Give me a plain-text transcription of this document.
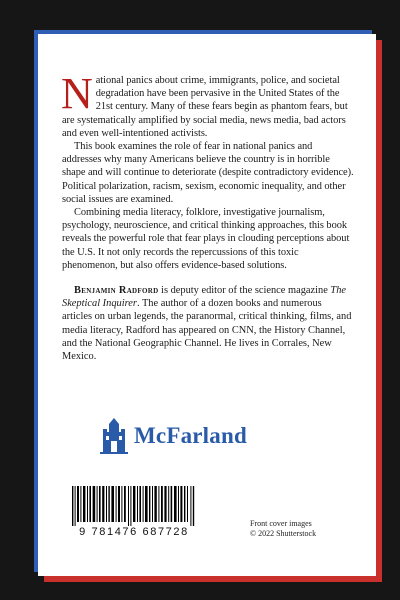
National panics about crime, immigrants, police, and societal degradation have been pervasive in the United States of the 21st century. Many of these fears begin as phantom fears, but are systematically amplified by social media, news media, bad actors and even well-intentioned activists.

This book examines the role of fear in national panics and addresses why many Americans believe the country is in horrible shape and will continue to deteriorate (despite contradictory evidence). Political polarization, racism, sexism, economic inequality, and other social issues are examined.

Combining media literacy, folklore, investigative journalism, psychology, neuroscience, and critical thinking approaches, this book reveals the powerful role that fear plays in clouding perceptions about the U.S. It not only records the repercussions of this toxic phenomenon, but also offers evidence-based solutions.

Benjamin Radford is deputy editor of the science magazine The Skeptical Inquirer. The author of a dozen books and numerous articles on urban legends, the paranormal, critical thinking, films, and media literacy, Radford has appeared on CNN, the History Channel, and the National Geographic Channel. He lives in Corrales, New Mexico.

McFarland
9 781476 687728
Front cover images
© 2022 Shutterstock
